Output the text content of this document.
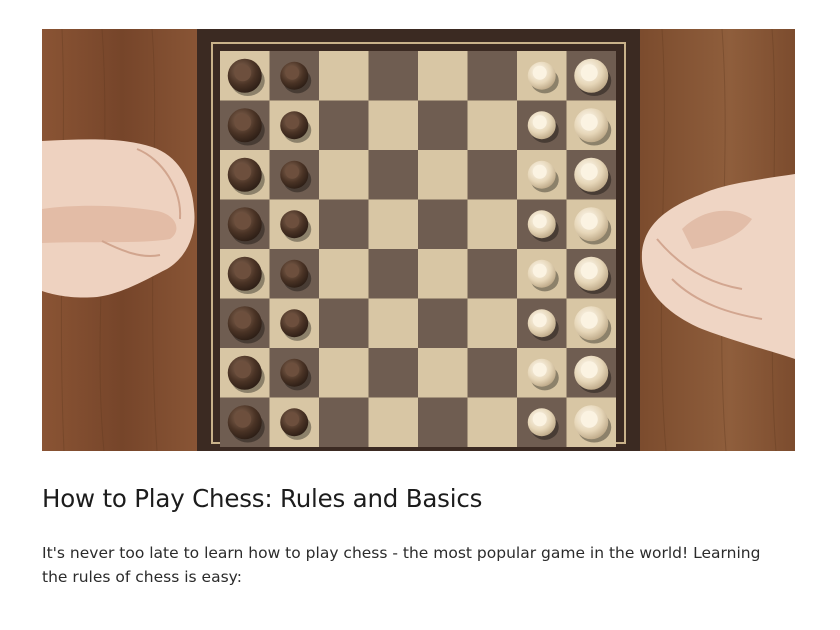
How to Play Chess: Rules and Basics

It's never too late to learn how to play chess - the most popular game in the world! Learning the rules of chess is easy:
